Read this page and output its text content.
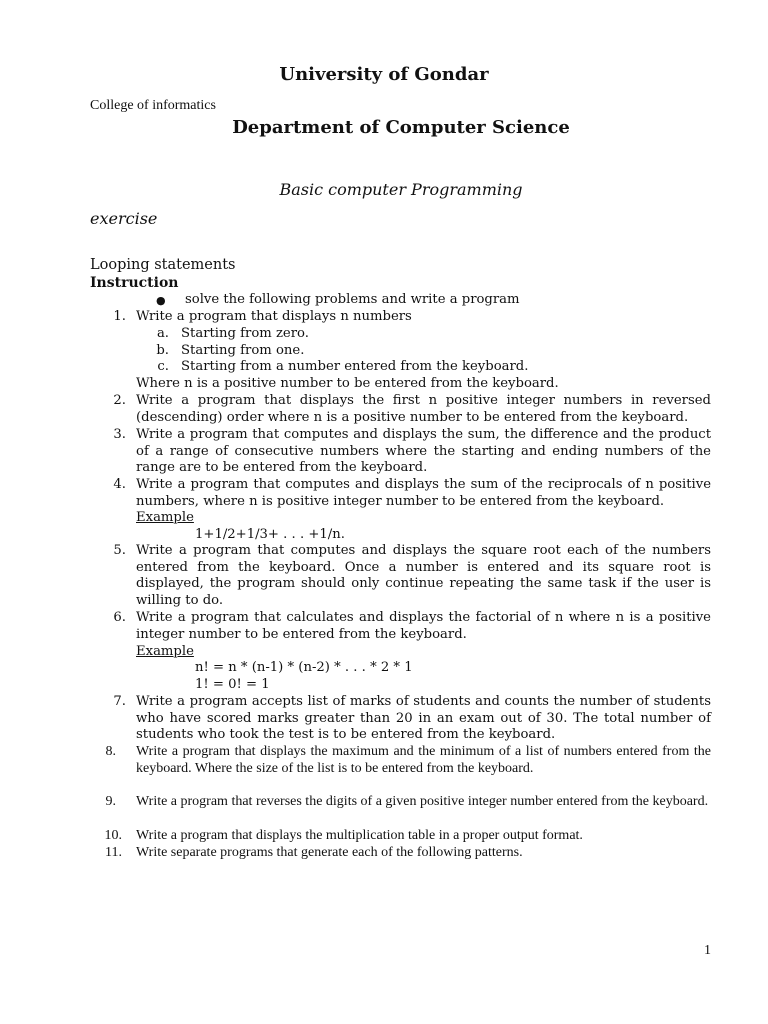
University of Gondar
College of informatics
Department of Computer Science
Basic computer Programming
exercise
Looping statements
Instruction
● solve the following problems and write a program
1. Write a program that displays n numbers
a. Starting from zero.
b. Starting from one.
c. Starting from a number entered from the keyboard.
Where n is a positive number to be entered from the keyboard.
2. Write a program that displays the first n positive integer numbers in reversed (descending) order where n is a positive number to be entered from the keyboard.
3. Write a program that computes and displays the sum, the difference and the product of a range of consecutive numbers where the starting and ending numbers of the range are to be entered from the keyboard.
4. Write a program that computes and displays the sum of the reciprocals of n positive numbers, where n is positive integer number to be entered from the keyboard.
Example
1+1/2+1/3+ . . . +1/n.
5. Write a program that computes and displays the square root each of the numbers entered from the keyboard. Once a number is entered and its square root is displayed, the program should only continue repeating the same task if the user is willing to do.
6. Write a program that calculates and displays the factorial of n where n is a positive integer number to be entered from the keyboard.
Example
n! = n * (n-1) * (n-2) * . . . * 2 * 1
1! = 0! = 1
7. Write a program accepts list of marks of students and counts the number of students who have scored marks greater than 20 in an exam out of 30. The total number of students who took the test is to be entered from the keyboard.
8. Write a program that displays the maximum and the minimum of a list of numbers entered from the keyboard. Where the size of the list is to be entered from the keyboard.
9. Write a program that reverses the digits of a given positive integer number entered from the keyboard.
10. Write a program that displays the multiplication table in a proper output format.
11. Write separate programs that generate each of the following patterns.
1
